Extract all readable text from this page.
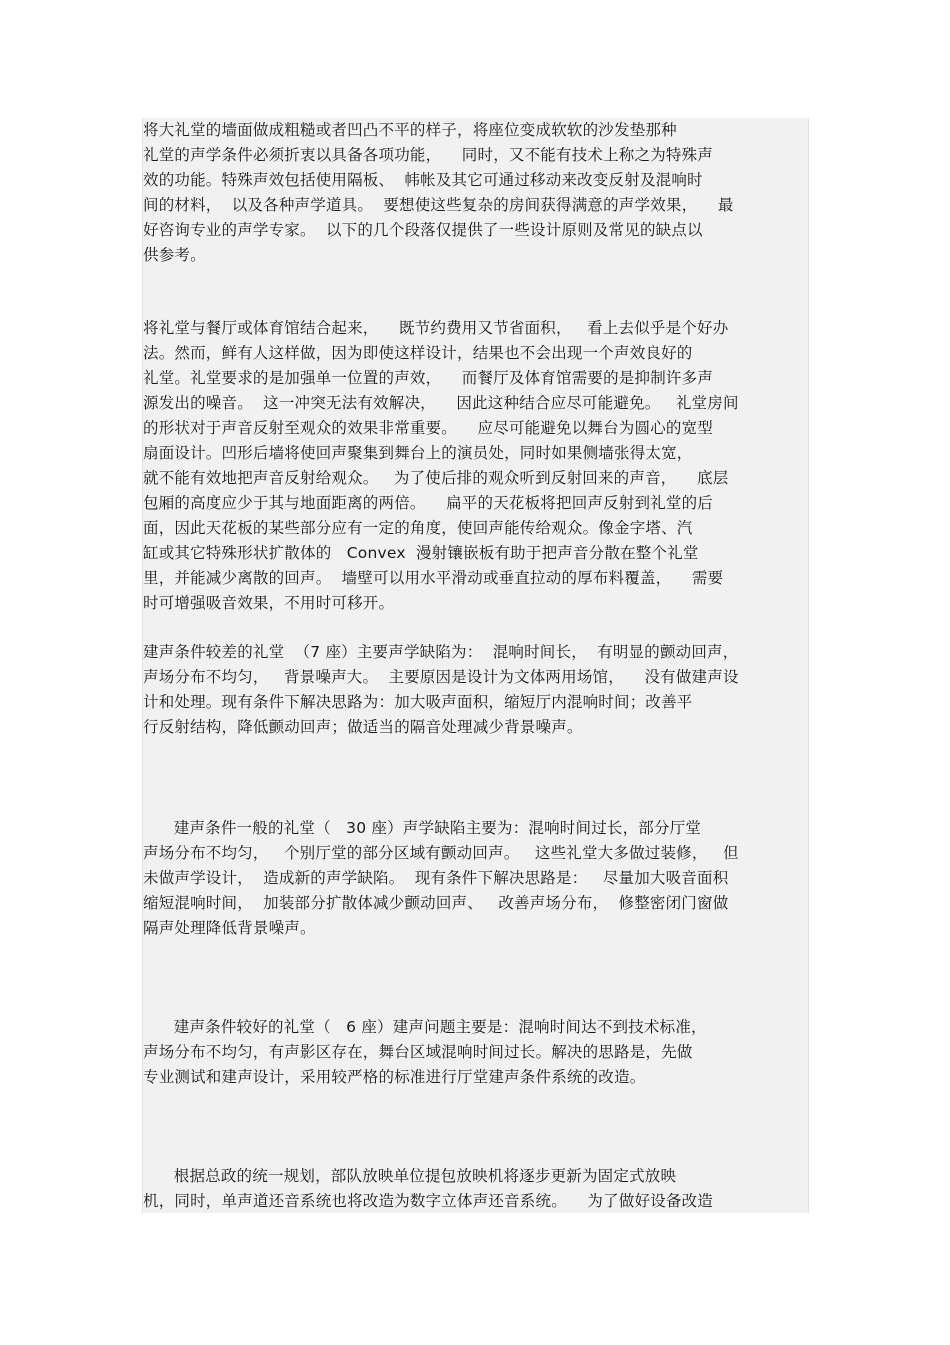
将大礼堂的墙面做成粗糙或者凹凸不平的样子，将座位变成软软的沙发垫那种
礼堂的声学条件必须折衷以具备各项功能，    同时，又不能有技术上称之为特殊声
效的功能。特殊声效包括使用隔板、  帏帐及其它可通过移动来改变反射及混响时
间的材料，  以及各种声学道具。  要想使这些复杂的房间获得满意的声学效果，    最
好咨询专业的声学专家。  以下的几个段落仅提供了一些设计原则及常见的缺点以
供参考。
将礼堂与餐厅或体育馆结合起来，    既节约费用又节省面积，   看上去似乎是个好办
法。然而，鲜有人这样做，因为即使这样设计，结果也不会出现一个声效良好的
礼堂。礼堂要求的是加强单一位置的声效，    而餐厅及体育馆需要的是抑制许多声
源发出的噪音。  这一冲突无法有效解决，    因此这种结合应尽可能避免。   礼堂房间
的形状对于声音反射至观众的效果非常重要。    应尽可能避免以舞台为圆心的宽型
扇面设计。凹形后墙将使回声聚集到舞台上的演员处，同时如果侧墙张得太宽，
就不能有效地把声音反射给观众。   为了使后排的观众听到反射回来的声音，    底层
包厢的高度应少于其与地面距离的两倍。    扁平的天花板将把回声反射到礼堂的后
面，因此天花板的某些部分应有一定的角度，使回声能传给观众。像金字塔、汽
缸或其它特殊形状扩散体的   Convex  漫射镶嵌板有助于把声音分散在整个礼堂
里，并能减少离散的回声。  墙壁可以用水平滑动或垂直拉动的厚布料覆盖，    需要
时可增强吸音效果，不用时可移开。
建声条件较差的礼堂  （7 座）主要声学缺陷为：  混响时间长，  有明显的颤动回声，
声场分布不均匀，   背景噪声大。  主要原因是设计为文体两用场馆，    没有做建声设
计和处理。现有条件下解决思路为：加大吸声面积，缩短厅内混响时间；改善平
行反射结构，降低颤动回声；做适当的隔音处理减少背景噪声。
建声条件一般的礼堂（   30 座）声学缺陷主要为：混响时间过长，部分厅堂
声场分布不均匀，   个别厅堂的部分区域有颤动回声。   这些礼堂大多做过装修，   但
未做声学设计，  造成新的声学缺陷。  现有条件下解决思路是：   尽量加大吸音面积
缩短混响时间，  加装部分扩散体减少颤动回声、   改善声场分布，  修整密闭门窗做
隔声处理降低背景噪声。
建声条件较好的礼堂（   6 座）建声问题主要是：混响时间达不到技术标准，
声场分布不均匀，有声影区存在，舞台区域混响时间过长。解决的思路是，先做
专业测试和建声设计，采用较严格的标准进行厅堂建声条件系统的改造。
根据总政的统一规划，部队放映单位提包放映机将逐步更新为固定式放映
机，同时，单声道还音系统也将改造为数字立体声还音系统。    为了做好设备改造
